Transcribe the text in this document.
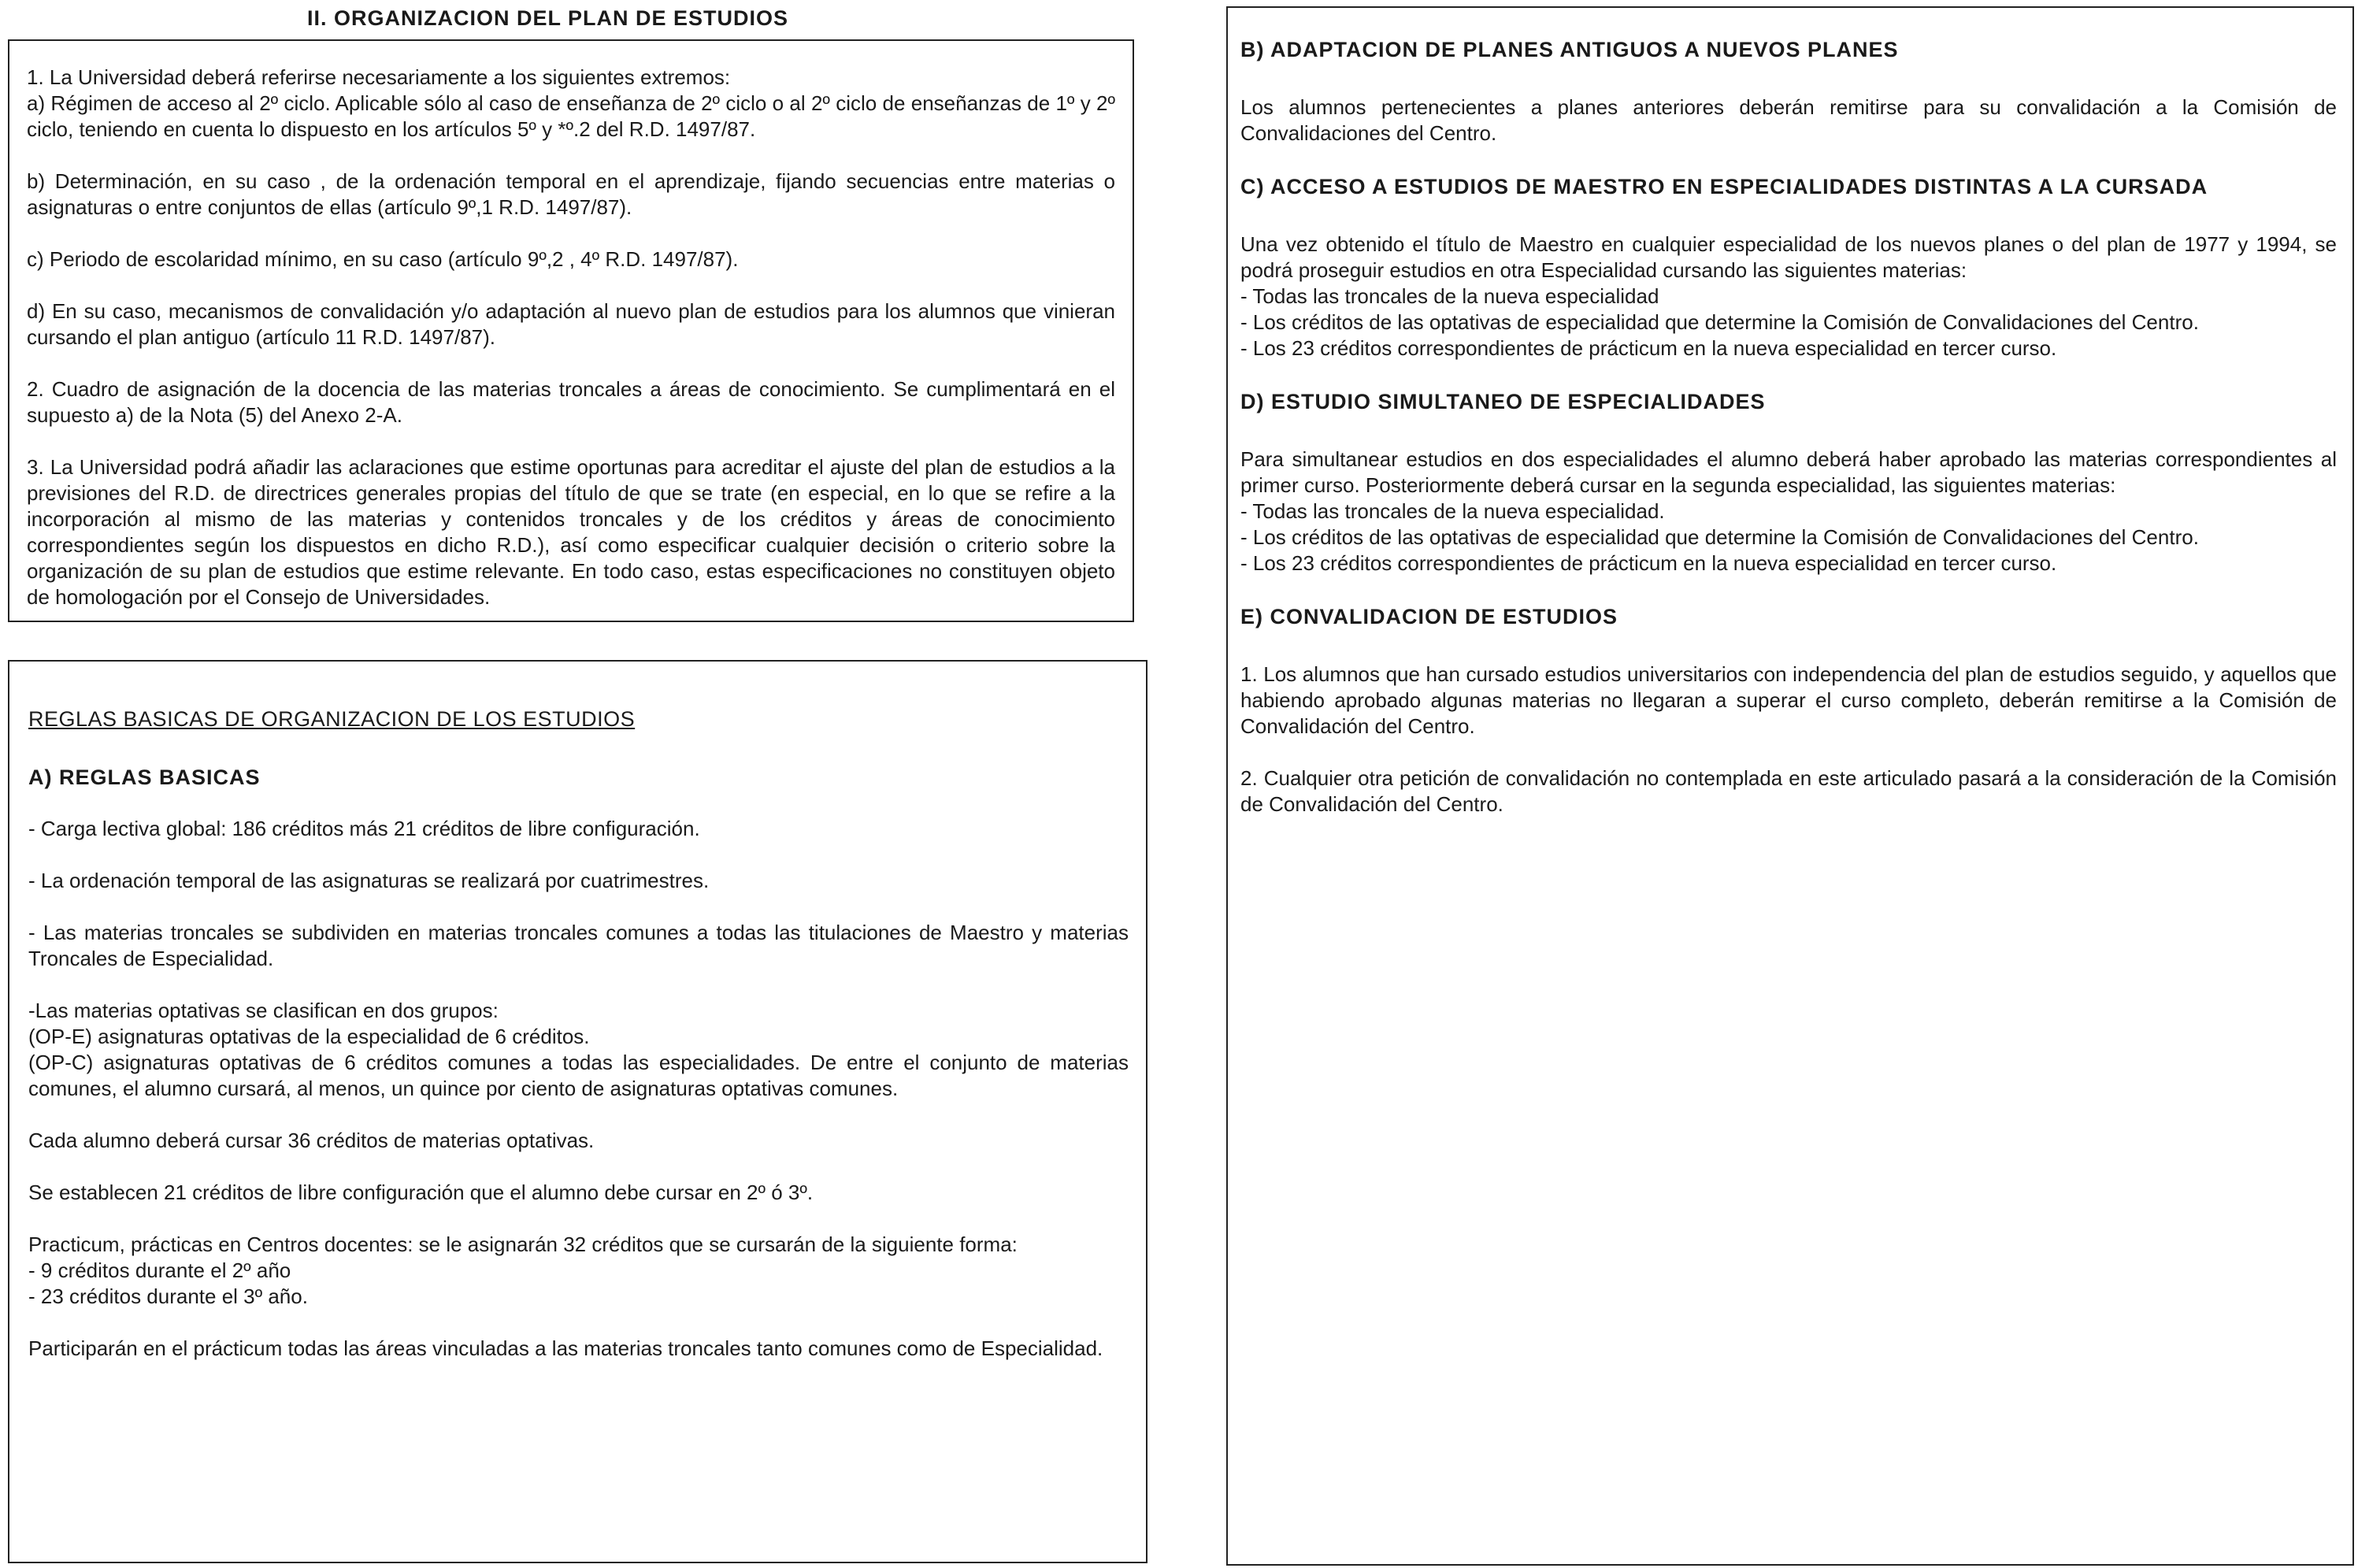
II. ORGANIZACION DEL PLAN DE ESTUDIOS

1. La Universidad deberá referirse necesariamente a los siguientes extremos:

a) Régimen de acceso al 2º ciclo. Aplicable sólo al caso de enseñanza de 2º ciclo o al 2º ciclo de enseñanzas de 1º y 2º ciclo, teniendo en cuenta lo dispuesto en los artículos 5º y *º.2 del R.D. 1497/87.

b) Determinación, en su caso , de la ordenación temporal en el aprendizaje, fijando secuencias entre materias o asignaturas o entre conjuntos de ellas (artículo 9º,1 R.D. 1497/87).

c) Periodo de escolaridad mínimo, en su caso (artículo 9º,2 , 4º R.D. 1497/87).

d) En su caso, mecanismos de convalidación y/o adaptación al nuevo plan de estudios para los alumnos que vinieran cursando el plan antiguo (artículo 11 R.D. 1497/87).

2. Cuadro de asignación de la docencia de las materias troncales a áreas de conocimiento. Se cumplimentará en el supuesto a) de la Nota (5) del Anexo 2-A.

3. La Universidad podrá añadir las aclaraciones que estime oportunas para acreditar el ajuste del plan de estudios a la previsiones del R.D. de directrices generales propias del título de que se trate (en especial, en lo que se refire a la incorporación al mismo de las materias y contenidos troncales y de los créditos y áreas de conocimiento correspondientes según los dispuestos en dicho R.D.), así como especificar cualquier decisión o criterio sobre la organización de su plan de estudios que estime relevante. En todo caso, estas especificaciones no constituyen objeto de homologación por el Consejo de Universidades.

REGLAS BASICAS DE ORGANIZACION DE LOS ESTUDIOS
A) REGLAS BASICAS

- Carga lectiva global: 186 créditos más 21 créditos de libre configuración.

- La ordenación temporal de las asignaturas se realizará por cuatrimestres.

- Las materias troncales se subdividen en materias troncales comunes a todas las titulaciones de Maestro y materias Troncales de Especialidad.

-Las materias optativas se clasifican en dos grupos:

(OP-E) asignaturas optativas de la especialidad de 6 créditos.

(OP-C) asignaturas optativas de 6 créditos comunes a todas las especialidades. De entre el conjunto de materias comunes, el alumno cursará, al menos, un quince por ciento de asignaturas optativas comunes.

Cada alumno deberá cursar 36 créditos de materias optativas.

Se establecen 21 créditos de libre configuración que el alumno debe cursar en 2º ó 3º.

Practicum, prácticas en Centros docentes: se le asignarán 32 créditos que se cursarán de la siguiente forma:

- 9 créditos durante el 2º año

- 23 créditos durante el 3º año.

Participarán en el prácticum todas las áreas vinculadas a las materias troncales tanto comunes como de Especialidad.

B) ADAPTACION DE PLANES ANTIGUOS A NUEVOS PLANES

Los alumnos pertenecientes a planes anteriores deberán remitirse para su convalidación a la Comisión de Convalidaciones del Centro.

C) ACCESO A ESTUDIOS DE MAESTRO EN ESPECIALIDADES DISTINTAS A LA CURSADA

Una vez obtenido el título de Maestro en cualquier especialidad de los nuevos planes o del plan de 1977 y 1994, se podrá proseguir estudios en otra Especialidad cursando las siguientes materias:

- Todas las troncales de la nueva especialidad

- Los créditos de las optativas de especialidad que determine la Comisión de Convalidaciones del Centro.

- Los 23 créditos correspondientes de prácticum en la nueva especialidad en tercer curso.

D) ESTUDIO SIMULTANEO DE ESPECIALIDADES

Para simultanear estudios en dos especialidades el alumno deberá haber aprobado las materias correspondientes al primer curso. Posteriormente deberá cursar en la segunda especialidad, las siguientes materias:

- Todas las troncales de la nueva especialidad.

- Los créditos de las optativas de especialidad que determine la Comisión de Convalidaciones del Centro.

- Los 23 créditos correspondientes de prácticum en la nueva especialidad en tercer curso.

E) CONVALIDACION DE ESTUDIOS

1. Los alumnos que han cursado estudios universitarios con independencia del plan de estudios seguido, y aquellos que habiendo aprobado algunas materias no llegaran a superar el curso completo, deberán remitirse a la Comisión de Convalidación del Centro.

2. Cualquier otra petición de convalidación no contemplada en este articulado pasará a la consideración de la Comisión de Convalidación del Centro.
